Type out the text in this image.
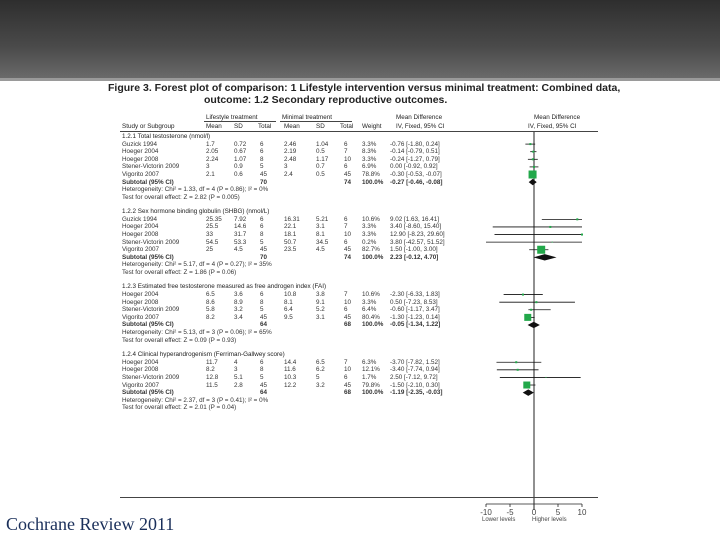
Figure 3. Forest plot of comparison: 1 Lifestyle intervention versus minimal treatment: Combined data,
outcome: 1.2 Secondary reproductive outcomes.
Cochrane Review 2011
Lifestyle treatment	Minimal treatment	Mean Difference	Mean Difference
Study or Subgroup	Mean SD Total Mean	SD Total Weight IV, Fixed, 95% CI	IV, Fixed, 95% CI
1.2.1 Total testosterone (nmol/l)
Guzick 1994	1.7	0.72 6	2.46	1.04 6 3.3% -0.76 [-1.80, 0.24]
Hoeger 2004	2.05 0.67 6	2.19	0.5	7 8.3% -0.14 [-0.79, 0.51]
Hoeger 2008	2.24 1.07 8	2.48	1.17 10 3.3% -0.24 [-1.27, 0.79]
Stener-Victorin 2009	3	0.9	5	3	0.7	6 6.9% 0.00 [-0.92, 0.92]
Vigorito 2007	2.1	0.6	45	2.4	0.5	45 78.8% -0.30 [-0.53, -0.07]
Subtotal (95% CI)	70	74 100.0% -0.27 [-0.46, -0.08]
Heterogeneity: Chi² = 1.33, df = 4 (P = 0.86); I² = 0%
Test for overall effect: Z = 2.82 (P = 0.005)
1.2.2 Sex hormone binding globulin (SHBG) (nmol/L)
Guzick 1994	25.35 7.92 6	16.31	5.21 6 10.6% 9.02 [1.63, 16.41]
Hoeger 2004	25.5 14.6 6	22.1	3.1	7 3.3% 3.40 [-8.60, 15.40]
Hoeger 2008	33	31.7 8	18.1	8.1	10 3.3% 12.90 [-8.23, 29.60]
Stener-Victorin 2009	54.5 53.3 5	50.7	34.5 6 0.2% 3.80 [-42.57, 51.52]
Vigorito 2007	25	4.5	45	23.5	4.5	45 82.7% 1.50 [-1.00, 3.00]
Subtotal (95% CI)	70	74 100.0% 2.23 [-0.12, 4.70]
Heterogeneity: Chi² = 5.17, df = 4 (P = 0.27); I² = 35%
Test for overall effect: Z = 1.86 (P = 0.06)
1.2.3 Estimated free testosterone measured as free androgen index (FAI)
Hoeger 2004	6.5	3.6	6	10.8	3.8	7 10.6% -2.30 [-6.33, 1.83]
Hoeger 2008	8.6	8.9	8	8.1	9.1	10 3.3% 0.50 [-7.23, 8.53]
Stener-Victorin 2009	5.8	3.2	5	6.4	5.2	6 6.4% -0.60 [-1.17, 3.47]
Vigorito 2007	8.2	3.4	45	9.5	3.1	45 80.4% -1.30 [-1.23, 0.14]
Subtotal (95% CI)	64	68 100.0% -0.05 [-1.34, 1.22]
Heterogeneity: Chi² = 5.13, df = 3 (P = 0.06); I² = 65%
Test for overall effect: Z = 0.09 (P = 0.93)
1.2.4 Clinical hyperandrogenism (Ferriman-Gallwey score)
Hoeger 2004	11.7	4	6	14.4	6.5	7 6.3% -3.70 [-7.82, 1.52]
Hoeger 2008	8.2	3	8	11.6	6.2	10 12.1% -3.40 [-7.74, 0.94]
Stener-Victorin 2009	12.8 5.1	5	10.3	5	6 1.7% 2.50 [-7.12, 9.72]
Vigorito 2007	11.5	2.8	45	12.2	3.2	45 79.8% -1.50 [-2.10, 0.30]
Subtotal (95% CI)	64	68 100.0% -1.19 [-2.35, -0.03]
Heterogeneity: Chi² = 2.37, df = 3 (P = 0.41); I² = 0%
Test for overall effect: Z = 2.01 (P = 0.04)
-10 -5 0 5 10
Lower levels	Higher levels
